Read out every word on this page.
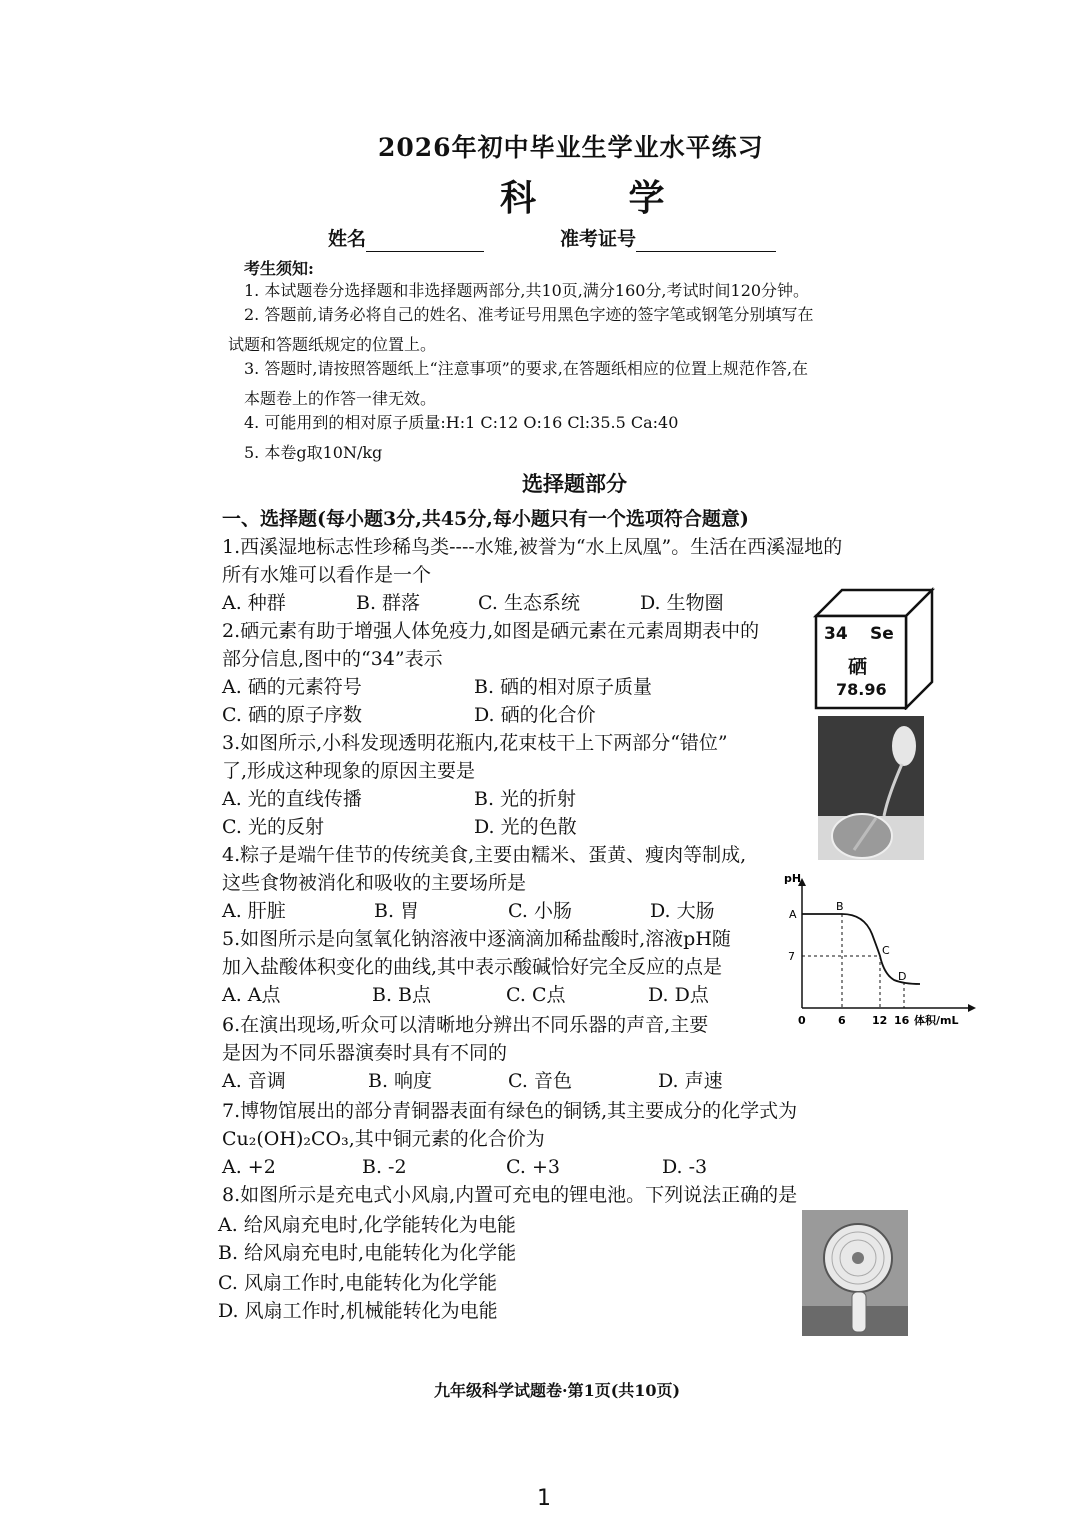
2026年初中毕业生学业水平练习
科 学
姓名	准考证号
考生须知:
1. 本试题卷分选择题和非选择题两部分,共10页,满分160分,考试时间120分钟。
2. 答题前,请务必将自己的姓名、准考证号用黑色字迹的签字笔或钢笔分别填写在
试题和答题纸规定的位置上。
3. 答题时,请按照答题纸上“注意事项”的要求,在答题纸相应的位置上规范作答,在
本题卷上的作答一律无效。
4. 可能用到的相对原子质量:H:1 C:12 O:16 Cl:35.5 Ca:40
5. 本卷g取10N/kg
选择题部分
一、选择题(每小题3分,共45分,每小题只有一个选项符合题意)
1.西溪湿地标志性珍稀鸟类----水雉,被誉为“水上凤凰”。生活在西溪湿地的
所有水雉可以看作是一个
A. 种群	B. 群落	C. 生态系统	D. 生物圈
2.硒元素有助于增强人体免疫力,如图是硒元素在元素周期表中的
部分信息,图中的“34”表示
A. 硒的元素符号	B. 硒的相对原子质量
C. 硒的原子序数	D. 硒的化合价
34 Se
硒
78.96
3.如图所示,小科发现透明花瓶内,花束枝干上下两部分“错位”
了,形成这种现象的原因主要是
A. 光的直线传播	B. 光的折射
C. 光的反射	D. 光的色散
4.粽子是端午佳节的传统美食,主要由糯米、蛋黄、瘦肉等制成,
这些食物被消化和吸收的主要场所是
A. 肝脏	B. 胃	C. 小肠	D. 大肠
5.如图所示是向氢氧化钠溶液中逐滴滴加稀盐酸时,溶液pH随
加入盐酸体积变化的曲线,其中表示酸碱恰好完全反应的点是
A. A点	B. B点	C. C点	D. D点
pH
7
A
B
C
D
0	6 12 16 体积/mL
6.在演出现场,听众可以清晰地分辨出不同乐器的声音,主要
是因为不同乐器演奏时具有不同的
A. 音调	B. 响度	C. 音色	D. 声速
7.博物馆展出的部分青铜器表面有绿色的铜锈,其主要成分的化学式为
Cu₂(OH)₂CO₃,其中铜元素的化合价为
A. +2	B. -2	C. +3	D. -3
8.如图所示是充电式小风扇,内置可充电的锂电池。下列说法正确的是
A. 给风扇充电时,化学能转化为电能
B. 给风扇充电时,电能转化为化学能
C. 风扇工作时,电能转化为化学能
D. 风扇工作时,机械能转化为电能
九年级科学试题卷·第1页(共10页)
1
